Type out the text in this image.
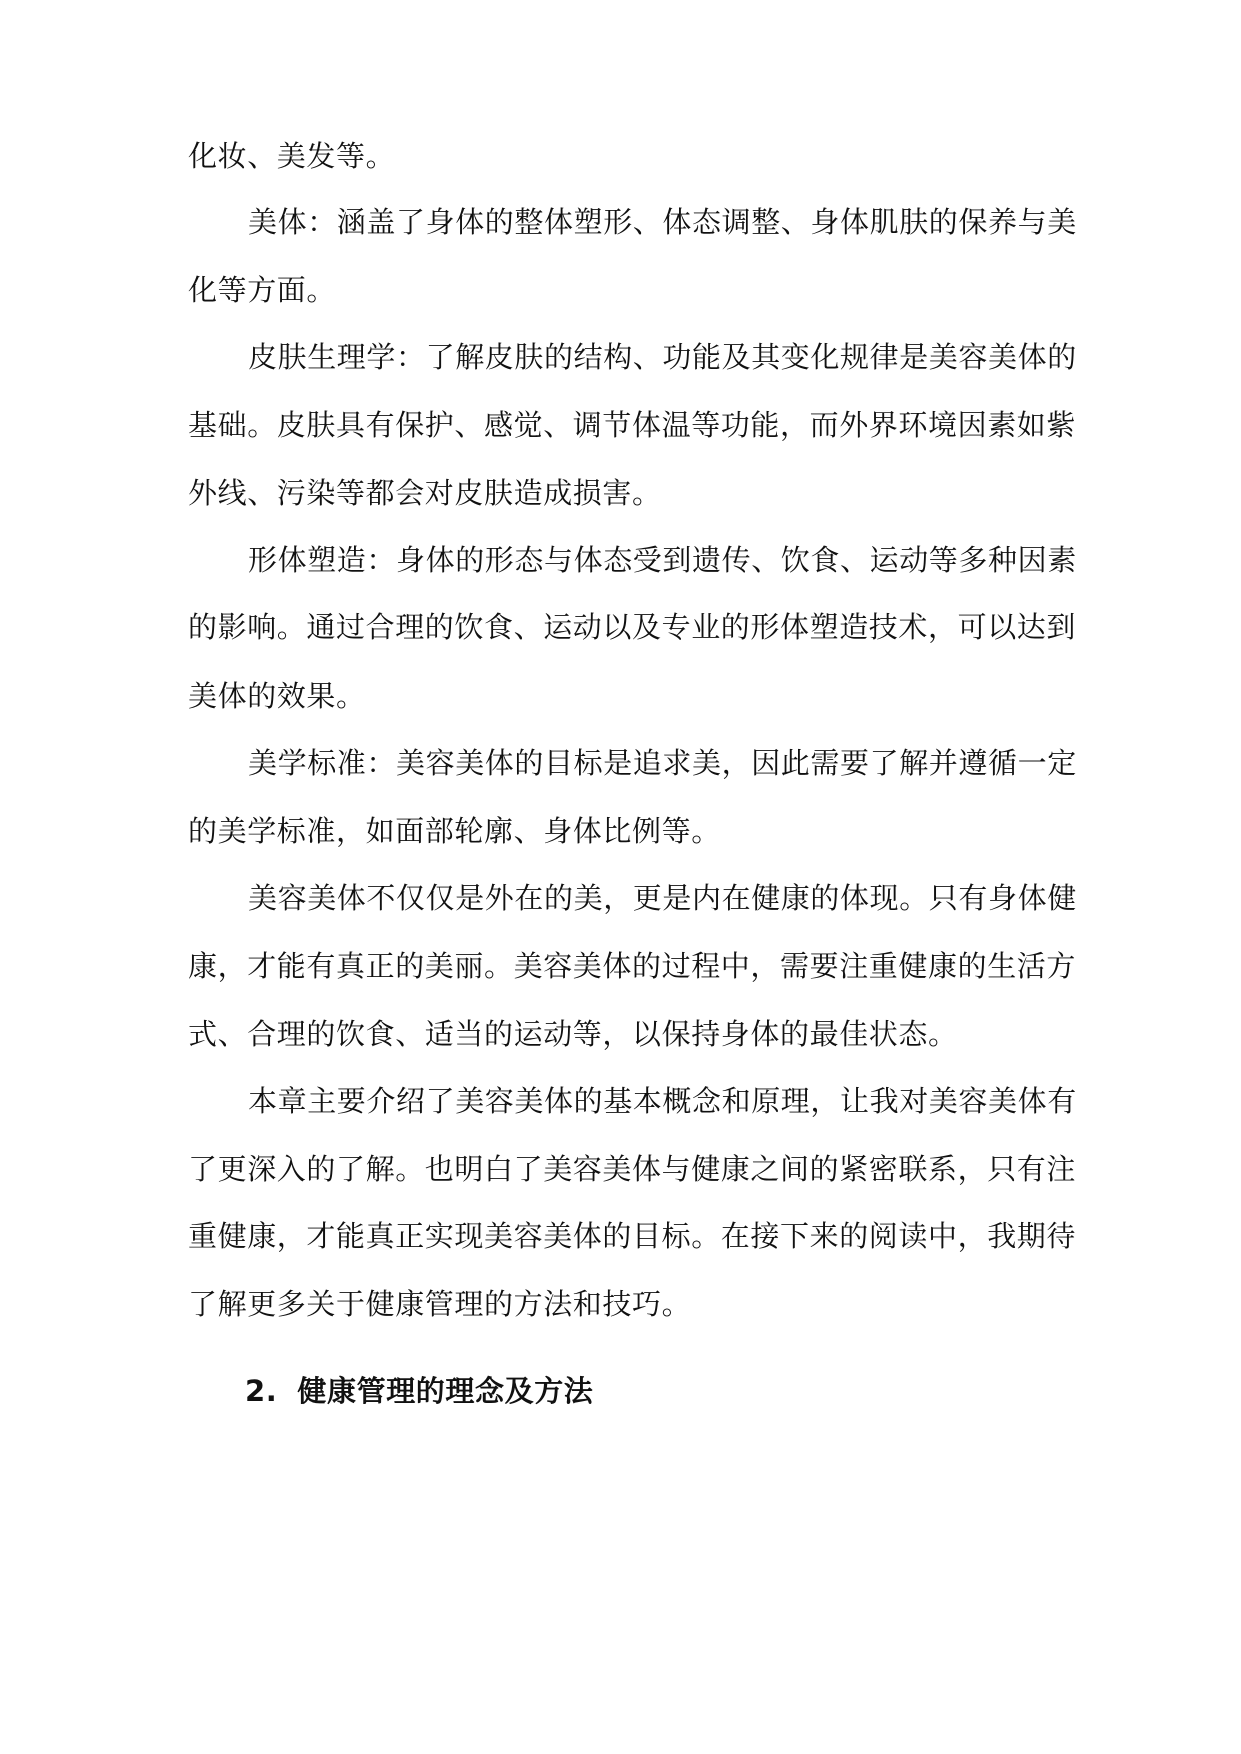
化妆、美发等。
美体：涵盖了身体的整体塑形、体态调整、身体肌肤的保养与美
化等方面。
皮肤生理学：了解皮肤的结构、功能及其变化规律是美容美体的
基础。皮肤具有保护、感觉、调节体温等功能，而外界环境因素如紫
外线、污染等都会对皮肤造成损害。
形体塑造：身体的形态与体态受到遗传、饮食、运动等多种因素
的影响。通过合理的饮食、运动以及专业的形体塑造技术，可以达到
美体的效果。
美学标准：美容美体的目标是追求美，因此需要了解并遵循一定
的美学标准，如面部轮廓、身体比例等。
美容美体不仅仅是外在的美，更是内在健康的体现。只有身体健
康，才能有真正的美丽。美容美体的过程中，需要注重健康的生活方
式、合理的饮食、适当的运动等，以保持身体的最佳状态。
本章主要介绍了美容美体的基本概念和原理，让我对美容美体有
了更深入的了解。也明白了美容美体与健康之间的紧密联系，只有注
重健康，才能真正实现美容美体的目标。在接下来的阅读中，我期待
了解更多关于健康管理的方法和技巧。
2. 健康管理的理念及方法
